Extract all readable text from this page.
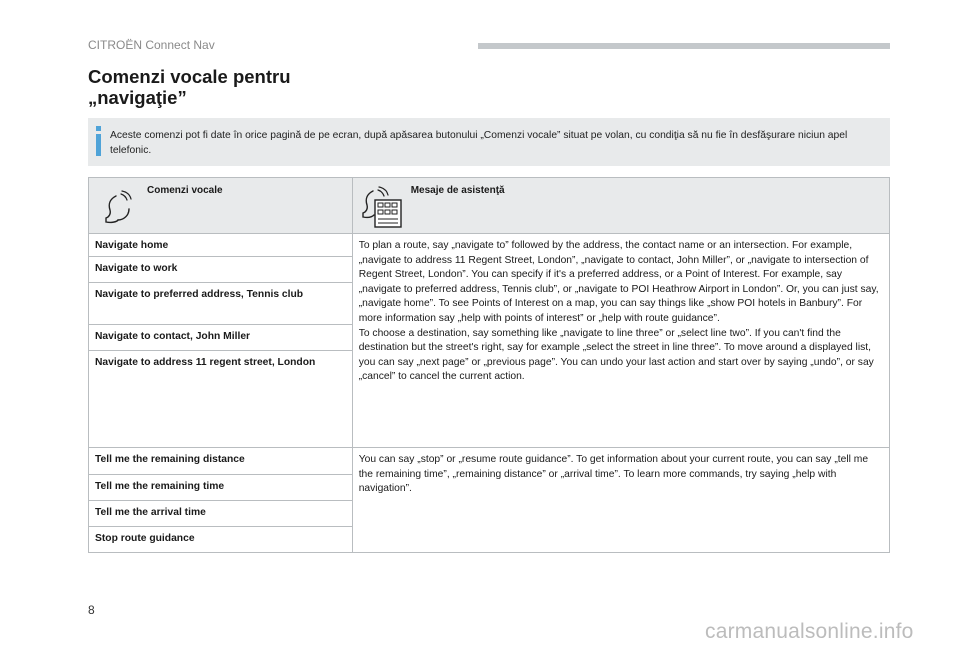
CITROËN Connect Nav
Comenzi vocale pentru
„navigaţie”
Aceste comenzi pot fi date în orice pagină de pe ecran, după apăsarea butonului „Comenzi vocale” situat pe volan, cu condiţia să nu fie în desfăşurare niciun apel telefonic.
Comenzi vocale	Mesaje de asistenţă

Navigate home	To plan a route, say „navigate to” followed by the address, the contact name or an intersection. For example, „navigate to address 11 Regent Street, London”, „navigate to contact, John Miller”, or „navigate to intersection of Regent Street, London”. You can specify if it's a preferred address, or a Point of Interest. For example, say „navigate to preferred address, Tennis club”, or „navigate to POI Heathrow Airport in London”. Or, you can just say, „navigate home”. To see Points of Interest on a map, you can say things like „show POI hotels in Banbury”. For more information say „help with points of interest” or „help with route guidance”.
To choose a destination, say something like „navigate to line three” or „select line two”. If you can't find the destination but the street's right, say for example „select the street in line three”. To move around a displayed list, you can say „next page” or „previous page”. You can undo your last action and start over by saying „undo”, or say „cancel” to cancel the current action.

Navigate to work	
Navigate to preferred address, Tennis club	
Navigate to contact, John Miller	
Navigate to address 11 regent street, London	
Tell me the remaining distance	You can say „stop” or „resume route guidance”. To get information about your current route, you can say „tell me the remaining time”, „remaining distance” or „arrival time”. To learn more commands, try saying „help with navigation”.

Tell me the remaining time	
Tell me the arrival time	
Stop route guidance	
8
carmanualsonline.info
